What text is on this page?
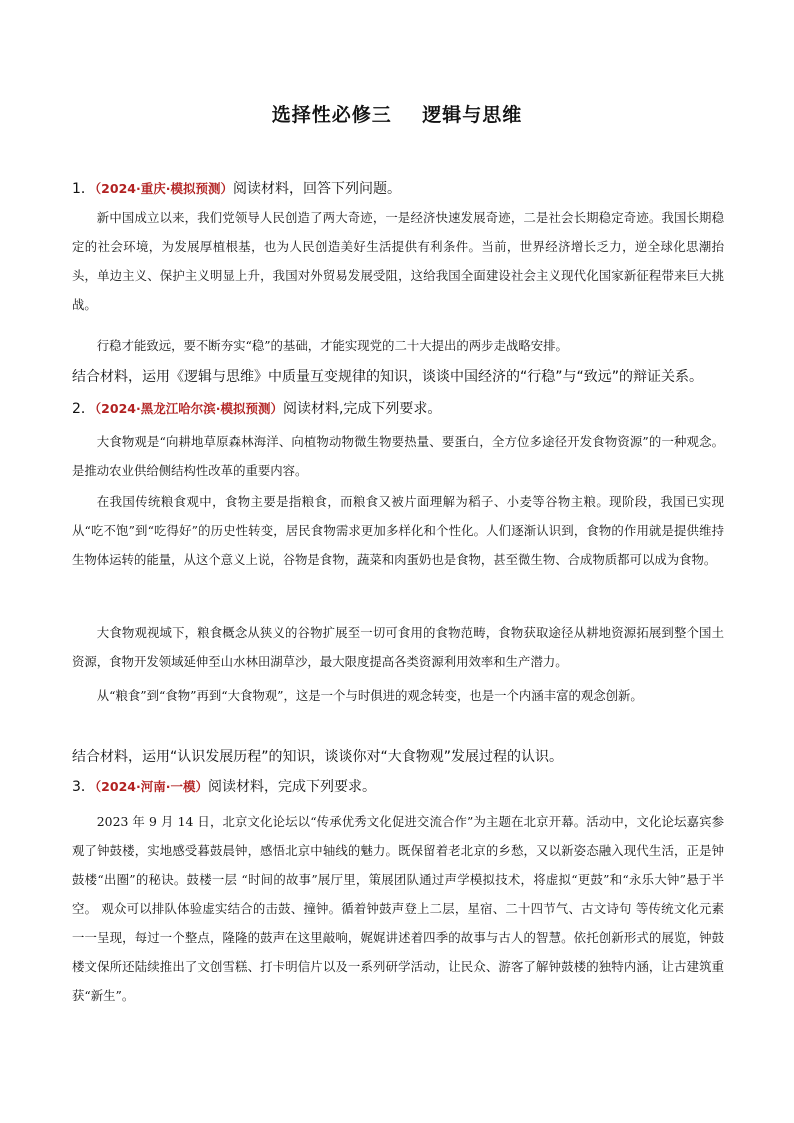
选择性必修三    逻辑与思维
1．（2024·重庆·模拟预测）阅读材料，回答下列问题。

新中国成立以来，我们党领导人民创造了两大奇迹，一是经济快速发展奇迹，二是社会长期稳定奇迹。我国长期稳定的社会环境，为发展厚植根基，也为人民创造美好生活提供有利条件。当前，世界经济增长乏力，逆全球化思潮抬头，单边主义、保护主义明显上升，我国对外贸易发展受阻，这给我国全面建设社会主义现代化国家新征程带来巨大挑战。

行稳才能致远，要不断夯实“稳”的基础，才能实现党的二十大提出的两步走战略安排。

结合材料，运用《逻辑与思维》中质量互变规律的知识，谈谈中国经济的“行稳”与“致远”的辩证关系。
2．（2024·黑龙江哈尔滨·模拟预测）阅读材料,完成下列要求。

大食物观是“向耕地草原森林海洋、向植物动物微生物要热量、要蛋白，全方位多途径开发食物资源”的一种观念。是推动农业供给侧结构性改革的重要内容。

在我国传统粮食观中，食物主要是指粮食，而粮食又被片面理解为稻子、小麦等谷物主粮。现阶段，我国已实现从“吃不饱”到“吃得好”的历史性转变，居民食物需求更加多样化和个性化。人们逐渐认识到，食物的作用就是提供维持生物体运转的能量，从这个意义上说，谷物是食物，蔬菜和肉蛋奶也是食物，甚至微生物、合成物质都可以成为食物。

大食物观视域下，粮食概念从狭义的谷物扩展至一切可食用的食物范畴，食物获取途径从耕地资源拓展到整个国土资源，食物开发领域延伸至山水林田湖草沙，最大限度提高各类资源利用效率和生产潜力。

从“粮食”到“食物”再到“大食物观”，这是一个与时俱进的观念转变，也是一个内涵丰富的观念创新。

结合材料，运用“认识发展历程”的知识，谈谈你对“大食物观”发展过程的认识。
3．（2024·河南·一模）阅读材料，完成下列要求。

2023 年 9 月 14 日，北京文化论坛以“传承优秀文化促进交流合作”为主题在北京开幕。活动中，文化论坛嘉宾参观了钟鼓楼，实地感受暮鼓晨钟，感悟北京中轴线的魅力。既保留着老北京的乡愁，又以新姿态融入现代生活，正是钟鼓楼“出圈”的秘诀。鼓楼一层 “时间的故事”展厅里，策展团队通过声学模拟技术，将虚拟“更鼓”和“永乐大钟”悬于半空。 观众可以排队体验虚实结合的击鼓、撞钟。循着钟鼓声登上二层，星宿、二十四节气、古文诗句 等传统文化元素一一呈现，每过一个整点，隆隆的鼓声在这里敲响，娓娓讲述着四季的故事与古人的智慧。依托创新形式的展览，钟鼓楼文保所还陆续推出了文创雪糕、打卡明信片以及一系列研学活动，让民众、游客了解钟鼓楼的独特内涵，让古建筑重获“新生”。
